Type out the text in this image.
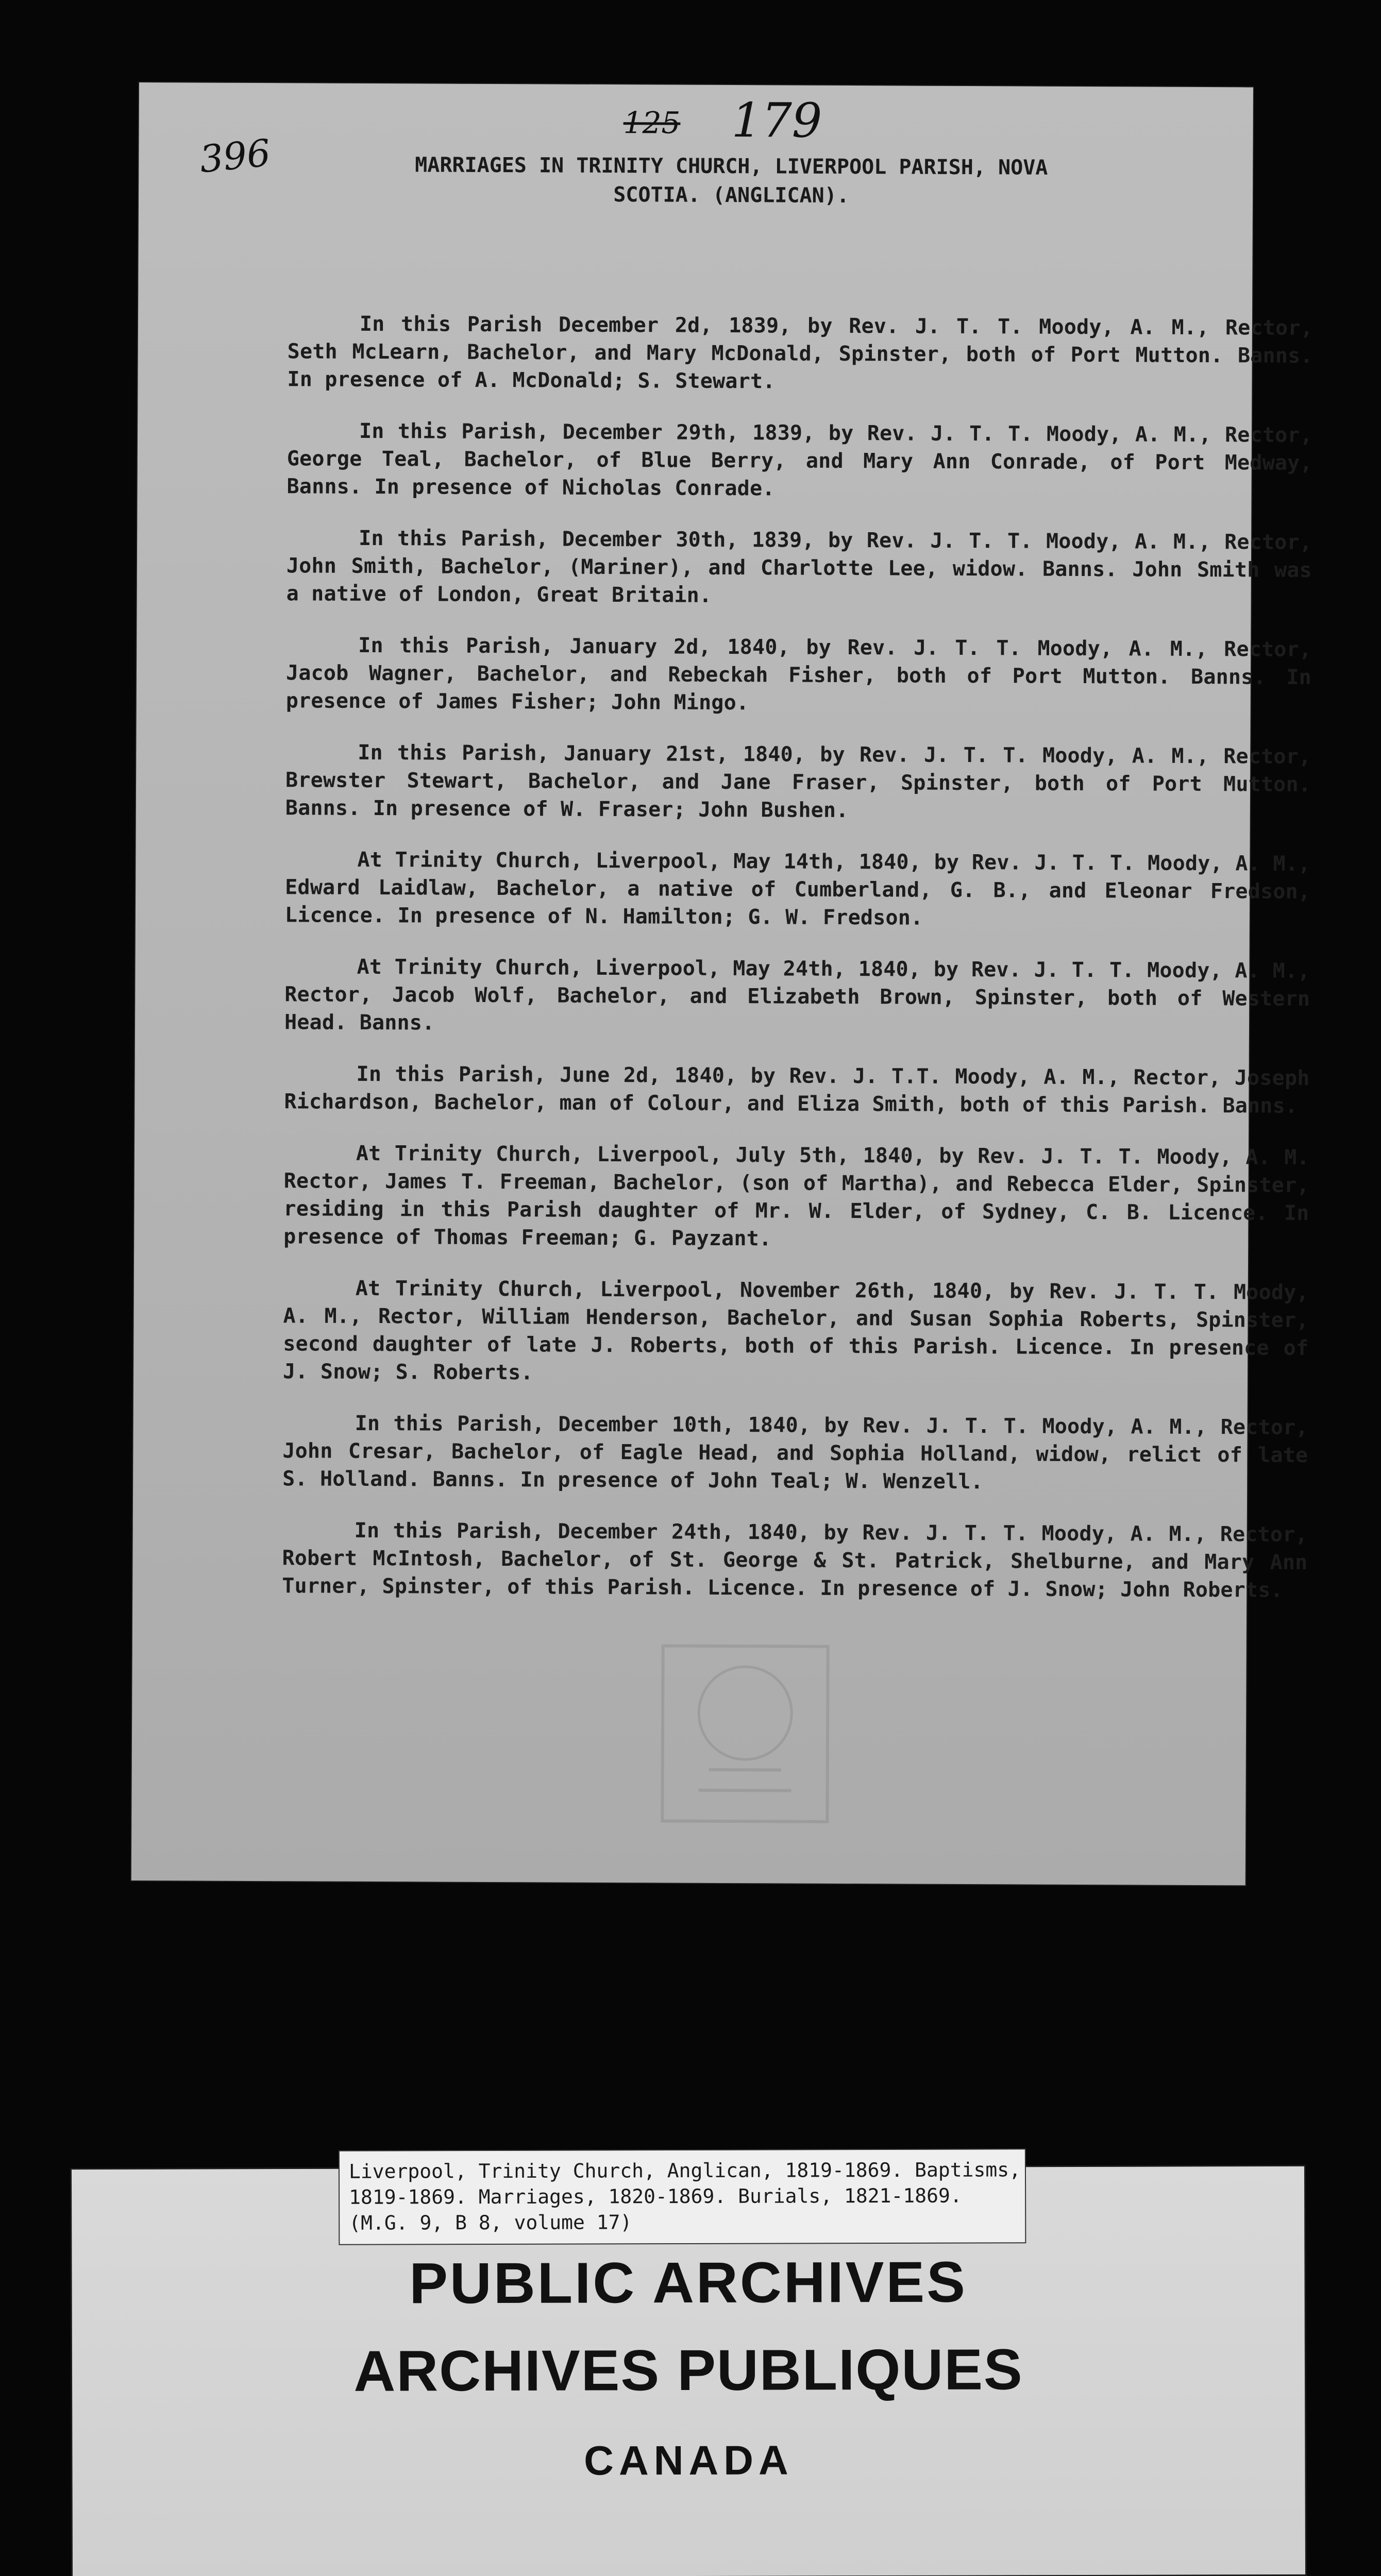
396
125 179
MARRIAGES IN TRINITY CHURCH, LIVERPOOL PARISH, NOVA
SCOTIA. (ANGLICAN).

In this Parish December 2d, 1839, by Rev. J. T. T. Moody, A. M., Rector, Seth McLearn, Bachelor, and Mary McDonald, Spinster, both of Port Mutton. Banns. In presence of A. McDonald; S. Stewart.

In this Parish, December 29th, 1839, by Rev. J. T. T. Moody, A. M., Rector, George Teal, Bachelor, of Blue Berry, and Mary Ann Conrade, of Port Medway, Banns. In presence of Nicholas Conrade.

In this Parish, December 30th, 1839, by Rev. J. T. T. Moody, A. M., Rector, John Smith, Bachelor, (Mariner), and Charlotte Lee, widow. Banns. John Smith was a native of London, Great Britain.

In this Parish, January 2d, 1840, by Rev. J. T. T. Moody, A. M., Rector, Jacob Wagner, Bachelor, and Rebeckah Fisher, both of Port Mutton. Banns. In presence of James Fisher; John Mingo.

In this Parish, January 21st, 1840, by Rev. J. T. T. Moody, A. M., Rector, Brewster Stewart, Bachelor, and Jane Fraser, Spinster, both of Port Mutton. Banns. In presence of W. Fraser; John Bushen.

At Trinity Church, Liverpool, May 14th, 1840, by Rev. J. T. T. Moody, A. M., Edward Laidlaw, Bachelor, a native of Cumberland, G. B., and Eleonar Fredson, Licence. In presence of N. Hamilton; G. W. Fredson.

At Trinity Church, Liverpool, May 24th, 1840, by Rev. J. T. T. Moody, A. M., Rector, Jacob Wolf, Bachelor, and Elizabeth Brown, Spinster, both of Western Head. Banns.

In this Parish, June 2d, 1840, by Rev. J. T.T. Moody, A. M., Rector, Joseph Richardson, Bachelor, man of Colour, and Eliza Smith, both of this Parish. Banns.

At Trinity Church, Liverpool, July 5th, 1840, by Rev. J. T. T. Moody, A. M. Rector, James T. Freeman, Bachelor, (son of Martha), and Rebecca Elder, Spinster, residing in this Parish daughter of Mr. W. Elder, of Sydney, C. B. Licence. In presence of Thomas Freeman; G. Payzant.

At Trinity Church, Liverpool, November 26th, 1840, by Rev. J. T. T. Moody, A. M., Rector, William Henderson, Bachelor, and Susan Sophia Roberts, Spinster, second daughter of late J. Roberts, both of this Parish. Licence. In presence of J. Snow; S. Roberts.

In this Parish, December 10th, 1840, by Rev. J. T. T. Moody, A. M., Rector, John Cresar, Bachelor, of Eagle Head, and Sophia Holland, widow, relict of late S. Holland. Banns. In presence of John Teal; W. Wenzell.

In this Parish, December 24th, 1840, by Rev. J. T. T. Moody, A. M., Rector, Robert McIntosh, Bachelor, of St. George & St. Patrick, Shelburne, and Mary Ann Turner, Spinster, of this Parish. Licence. In presence of J. Snow; John Roberts.

Liverpool, Trinity Church, Anglican, 1819-1869. Baptisms,
1819-1869. Marriages, 1820-1869. Burials, 1821-1869.
(M.G. 9, B 8, volume 17)
PUBLIC ARCHIVES
ARCHIVES PUBLIQUES
CANADA
